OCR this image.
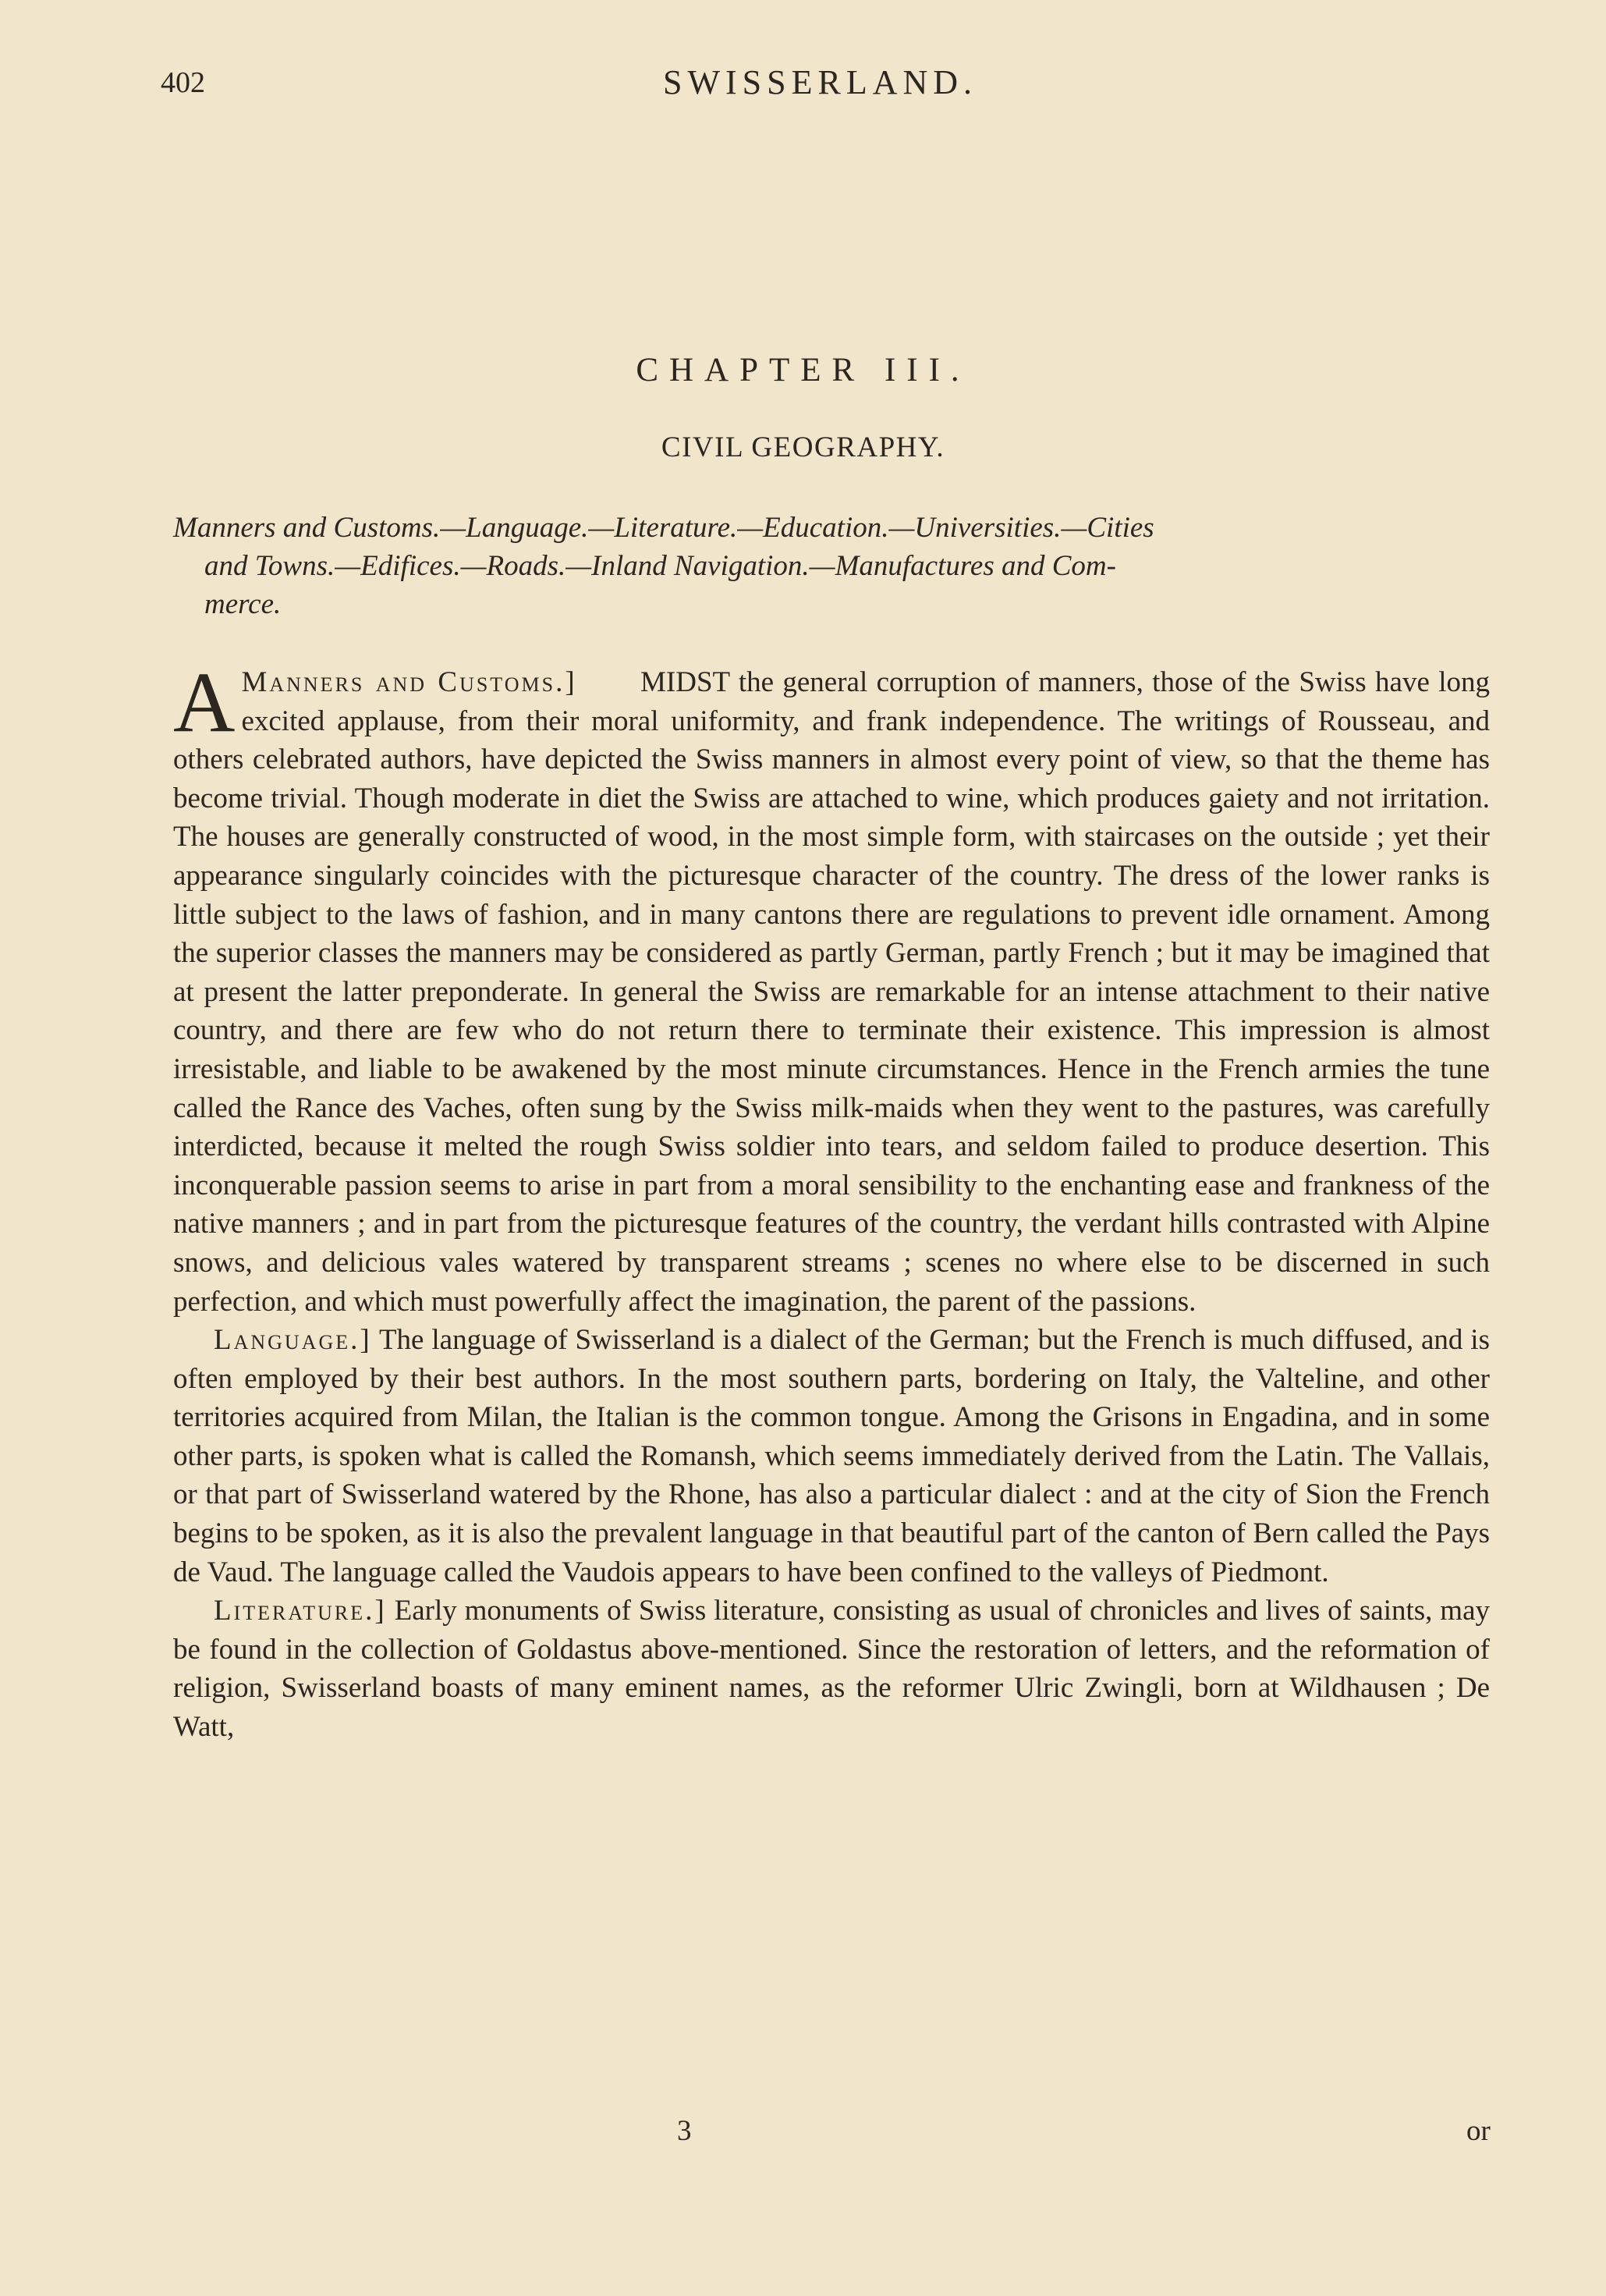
402	SWISSERLAND.
CHAPTER III.
CIVIL GEOGRAPHY.
Manners and Customs.—Language.—Literature.—Education.—Universities.—Cities
and Towns.—Edifices.—Roads.—Inland Navigation.—Manufactures and Com-
merce.

A Manners and Customs.] MIDST the general corruption of manners, those of the Swiss have long excited applause, from their moral uniformity, and frank independence. The writings of Rousseau, and others celebrated authors, have depicted the Swiss manners in almost every point of view, so that the theme has become trivial. Though moderate in diet the Swiss are attached to wine, which produces gaiety and not irritation. The houses are generally constructed of wood, in the most simple form, with staircases on the outside ; yet their appearance singularly coincides with the picturesque character of the country. The dress of the lower ranks is little subject to the laws of fashion, and in many cantons there are regulations to prevent idle ornament. Among the superior classes the manners may be considered as partly German, partly French ; but it may be imagined that at present the latter preponderate. In general the Swiss are remarkable for an intense attachment to their native country, and there are few who do not return there to terminate their existence. This impression is almost irresistable, and liable to be awakened by the most minute circumstances. Hence in the French armies the tune called the Rance des Vaches, often sung by the Swiss milk-maids when they went to the pastures, was carefully interdicted, because it melted the rough Swiss soldier into tears, and seldom failed to produce desertion. This inconquerable passion seems to arise in part from a moral sensibility to the enchanting ease and frankness of the native manners ; and in part from the picturesque features of the country, the verdant hills contrasted with Alpine snows, and delicious vales watered by transparent streams ; scenes no where else to be discerned in such perfection, and which must powerfully affect the imagination, the parent of the passions.

Language.] The language of Swisserland is a dialect of the German; but the French is much diffused, and is often employed by their best authors. In the most southern parts, bordering on Italy, the Valteline, and other territories acquired from Milan, the Italian is the common tongue. Among the Grisons in Engadina, and in some other parts, is spoken what is called the Romansh, which seems immediately derived from the Latin. The Vallais, or that part of Swisserland watered by the Rhone, has also a particular dialect : and at the city of Sion the French begins to be spoken, as it is also the prevalent language in that beautiful part of the canton of Bern called the Pays de Vaud. The language called the Vaudois appears to have been confined to the valleys of Piedmont.

Literature.] Early monuments of Swiss literature, consisting as usual of chronicles and lives of saints, may be found in the collection of Goldastus above-mentioned. Since the restoration of letters, and the reformation of religion, Swisserland boasts of many eminent names, as the reformer Ulric Zwingli, born at Wildhausen ; De Watt,

3	or
